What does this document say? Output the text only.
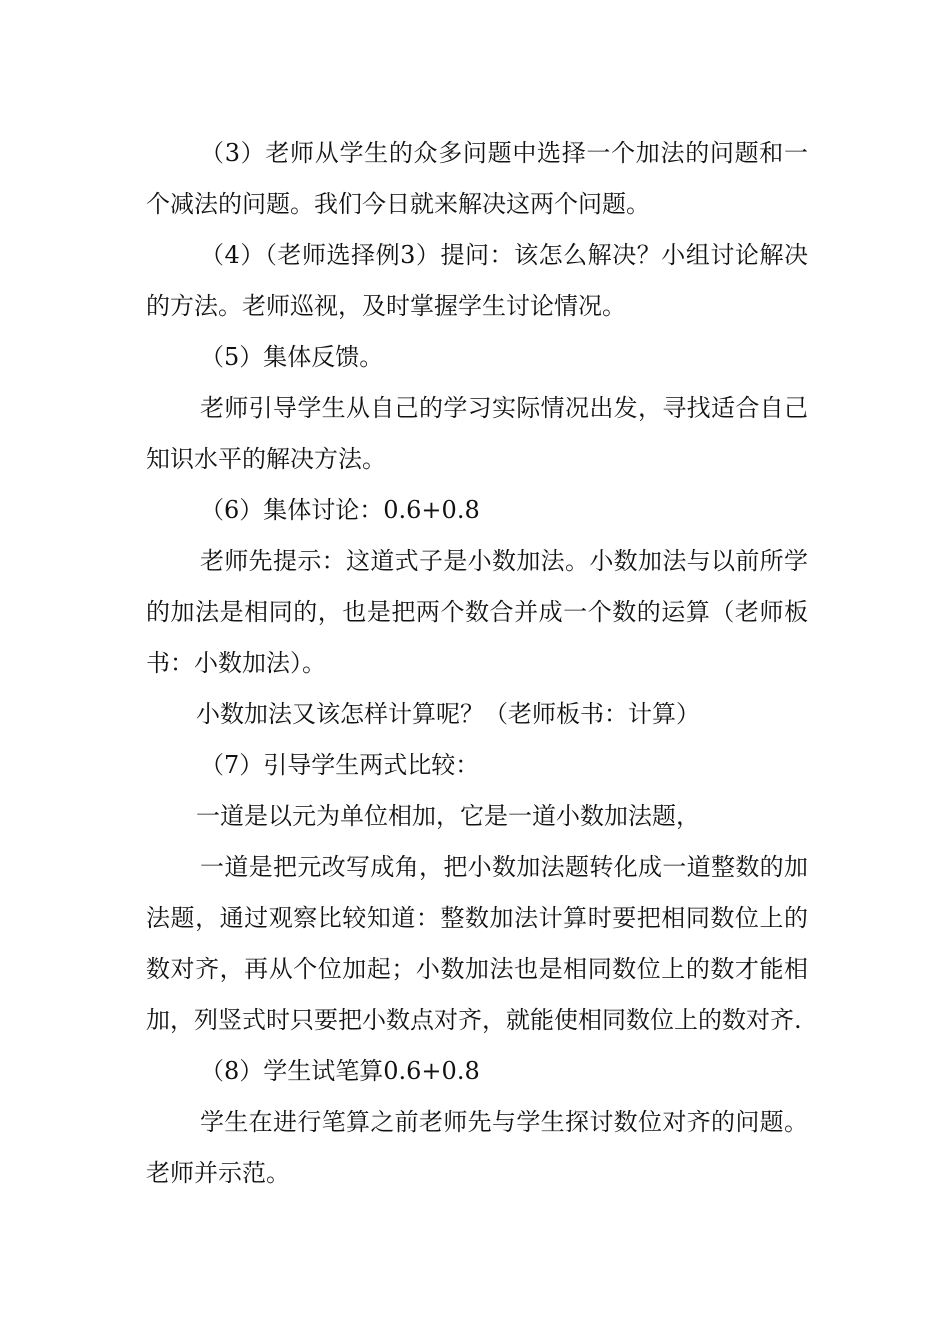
（3）老师从学生的众多问题中选择一个加法的问题和一个减法的问题。我们今日就来解决这两个问题。

（4）（老师选择例3）提问：该怎么解决？小组讨论解决的方法。老师巡视，及时掌握学生讨论情况。

（5）集体反馈。

老师引导学生从自己的学习实际情况出发，寻找适合自己知识水平的解决方法。

（6）集体讨论：0.6+0.8

老师先提示：这道式子是小数加法。小数加法与以前所学的加法是相同的，也是把两个数合并成一个数的运算（老师板书：小数加法）。

小数加法又该怎样计算呢？（老师板书：计算）

（7）引导学生两式比较：

一道是以元为单位相加，它是一道小数加法题，

一道是把元改写成角，把小数加法题转化成一道整数的加法题，通过观察比较知道：整数加法计算时要把相同数位上的数对齐，再从个位加起；小数加法也是相同数位上的数才能相加，列竖式时只要把小数点对齐，就能使相同数位上的数对齐.

（8）学生试笔算0.6+0.8

学生在进行笔算之前老师先与学生探讨数位对齐的问题。老师并示范。
